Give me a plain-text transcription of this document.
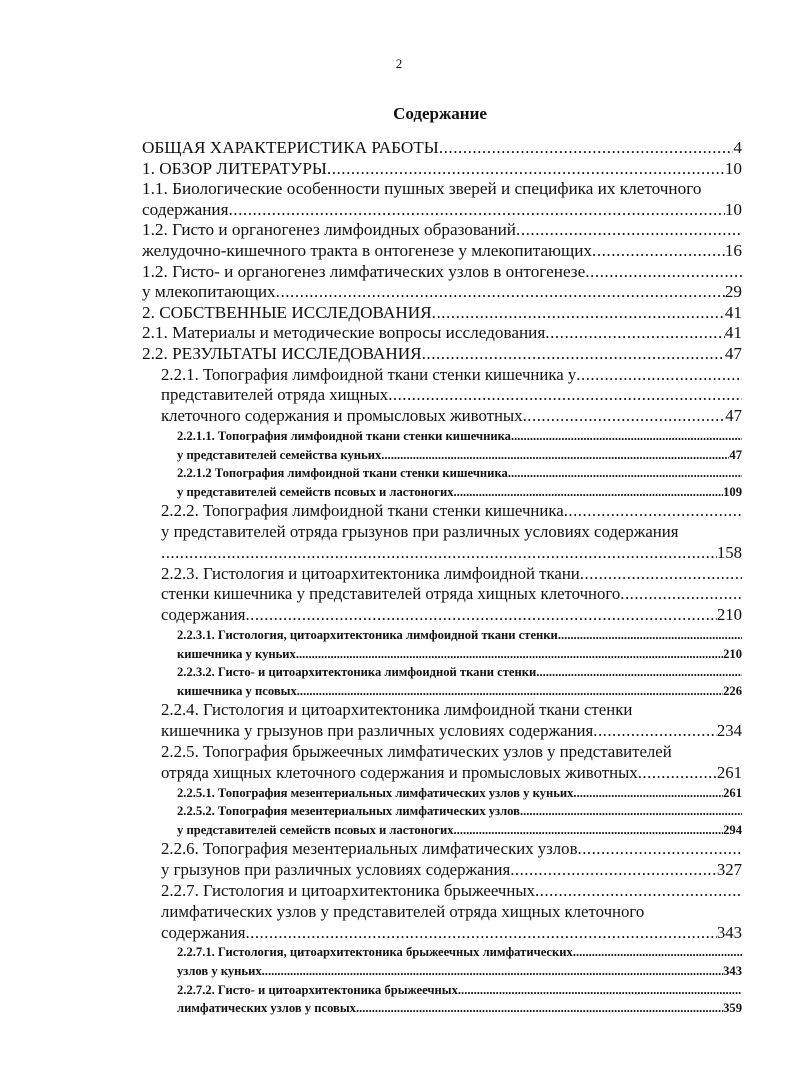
2
Содержание
ОБЩАЯ ХАРАКТЕРИСТИКА РАБОТЫ .....	4
1. ОБЗОР ЛИТЕРАТУРЫ .....	10
1.1. Биологические особенности пушных зверей и специфика их клеточного
содержания .....	10
1.2. Гисто и органогенез лимфоидных образований
.....
желудочно-кишечного тракта в онтогенезе у млекопитающих .....	16
1.2. Гисто- и органогенез лимфатических узлов в онтогенезе
.....
у млекопитающих .....	29
2. СОБСТВЕННЫЕ ИССЛЕДОВАНИЯ .....	41
2.1. Материалы и методические вопросы исследования .....	41
2.2. РЕЗУЛЬТАТЫ ИССЛЕДОВАНИЯ .....	47
2.2.1. Топография лимфоидной ткани стенки кишечника у
.....
представителей отряда хищных
.....
клеточного содержания и промысловых животных .....	47
2.2.1.1. Топография лимфоидной ткани стенки кишечника
.....
у представителей семейства куньих .....	47
2.2.1.2 Топография лимфоидной ткани стенки кишечника
.....
у представителей семейств псовых и ластоногих .....	109
2.2.2. Топография лимфоидной ткани стенки кишечника
.....
у представителей отряда грызунов при различных условиях содержания
.....
158
2.2.3. Гистология и цитоархитектоника лимфоидной ткани
.....
стенки кишечника у представителей отряда хищных клеточного
.....
содержания .....	210
2.2.3.1. Гистология, цитоархитектоника лимфоидной ткани стенки
.....
кишечника у куньих .....	210
2.2.3.2. Гисто- и цитоархитектоника лимфоидной ткани стенки
.....
кишечника у псовых .....	226
2.2.4. Гистология и цитоархитектоника лимфоидной ткани стенки
кишечника у грызунов при различных условиях содержания .....	234
2.2.5. Топография брыжеечных лимфатических узлов у представителей
отряда хищных клеточного содержания и промысловых животных .....	261
2.2.5.1. Топография мезентериальных лимфатических узлов у куньих .....	261
2.2.5.2. Топография мезентериальных лимфатических узлов
.....
у представителей семейств псовых и ластоногих .....	294
2.2.6. Топография мезентериальных лимфатических узлов
.....
у грызунов при различных условиях содержания .....	327
2.2.7. Гистология и цитоархитектоника брыжеечных
.....
лимфатических узлов у представителей отряда хищных клеточного
содержания .....	343
2.2.7.1. Гистология, цитоархитектоника брыжеечных лимфатических
.....
узлов у куньих .....	343
2.2.7.2. Гисто- и цитоархитектоника брыжеечных
.....
лимфатических узлов у псовых .....	359
